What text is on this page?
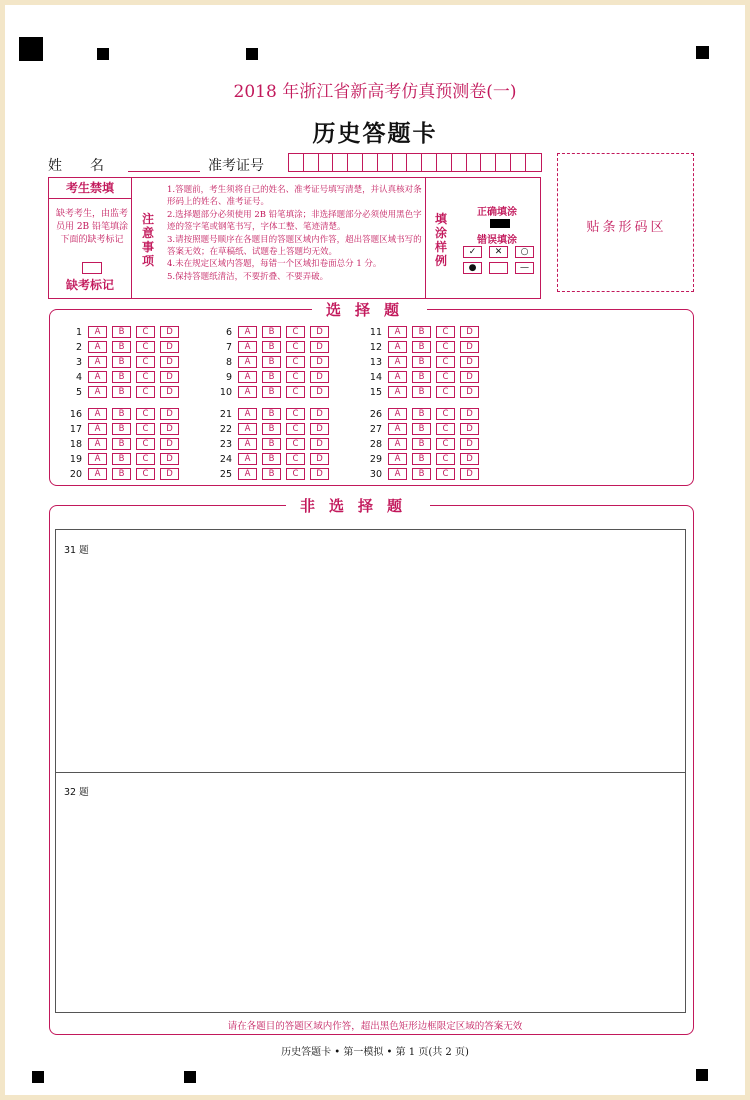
2018 年浙江省新高考仿真预测卷(一)
历史答题卡
姓　　名	准考证号
考生禁填
缺考考生，由监考员用 2B 铅笔填涂下面的缺考标记
缺考标记
注
意
事
项
1.答题前，考生须将自己的姓名、准考证号填写清楚，并认真核对条形码上的姓名、准考证号。
2.选择题部分必须使用 2B 铅笔填涂；非选择题部分必须使用黑色字迹的签字笔或钢笔书写，字体工整、笔迹清楚。
3.请按照题号顺序在各题目的答题区域内作答，超出答题区域书写的答案无效；在草稿纸、试题卷上答题均无效。
4.未在规定区域内答题，每错一个区域扣卷面总分 1 分。
5.保持答题纸清洁，不要折叠、不要弄破。
填
涂
样
例
正确填涂
错误填涂
✓	✕	○
●	—
贴条形码区
选择题
1	A	B	C	D
2	A	B	C	D
3	A	B	C	D
4	A	B	C	D
5	A	B	C	D
6	A	B	C	D
7	A	B	C	D
8	A	B	C	D
9	A	B	C	D
10	A	B	C	D
11	A	B	C	D
12	A	B	C	D
13	A	B	C	D
14	A	B	C	D
15	A	B	C	D
16	A	B	C	D
17	A	B	C	D
18	A	B	C	D
19	A	B	C	D
20	A	B	C	D
21	A	B	C	D
22	A	B	C	D
23	A	B	C	D
24	A	B	C	D
25	A	B	C	D
26	A	B	C	D
27	A	B	C	D
28	A	B	C	D
29	A	B	C	D
30	A	B	C	D
非选择题
31 题
32 题
请在各题目的答题区域内作答，超出黑色矩形边框限定区域的答案无效
历史答题卡 • 第一模拟 • 第 1 页(共 2 页)
